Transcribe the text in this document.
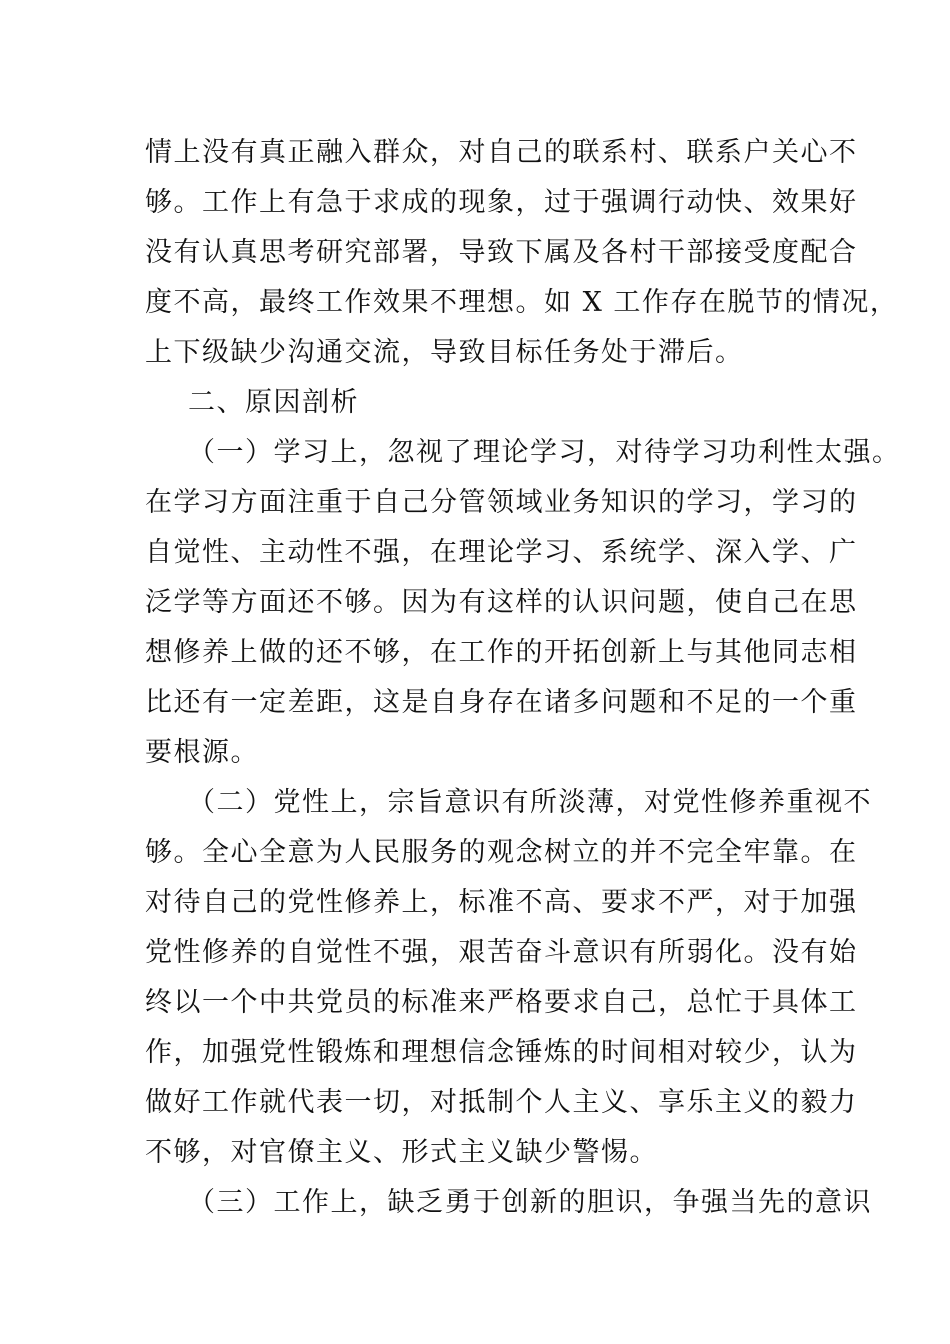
情上没有真正融入群众，对自己的联系村、联系户关心不
够。工作上有急于求成的现象，过于强调行动快、效果好
没有认真思考研究部署，导致下属及各村干部接受度配合
度不高，最终工作效果不理想。如 X 工作存在脱节的情况，
上下级缺少沟通交流，导致目标任务处于滞后。
二、原因剖析
（一）学习上，忽视了理论学习，对待学习功利性太强。
在学习方面注重于自己分管领域业务知识的学习，学习的
自觉性、主动性不强，在理论学习、系统学、深入学、广
泛学等方面还不够。因为有这样的认识问题，使自己在思
想修养上做的还不够，在工作的开拓创新上与其他同志相
比还有一定差距，这是自身存在诸多问题和不足的一个重
要根源。
（二）党性上，宗旨意识有所淡薄，对党性修养重视不
够。全心全意为人民服务的观念树立的并不完全牢靠。在
对待自己的党性修养上，标准不高、要求不严，对于加强
党性修养的自觉性不强，艰苦奋斗意识有所弱化。没有始
终以一个中共党员的标准来严格要求自己，总忙于具体工
作，加强党性锻炼和理想信念锤炼的时间相对较少，认为
做好工作就代表一切，对抵制个人主义、享乐主义的毅力
不够，对官僚主义、形式主义缺少警惕。
（三）工作上，缺乏勇于创新的胆识，争强当先的意识
